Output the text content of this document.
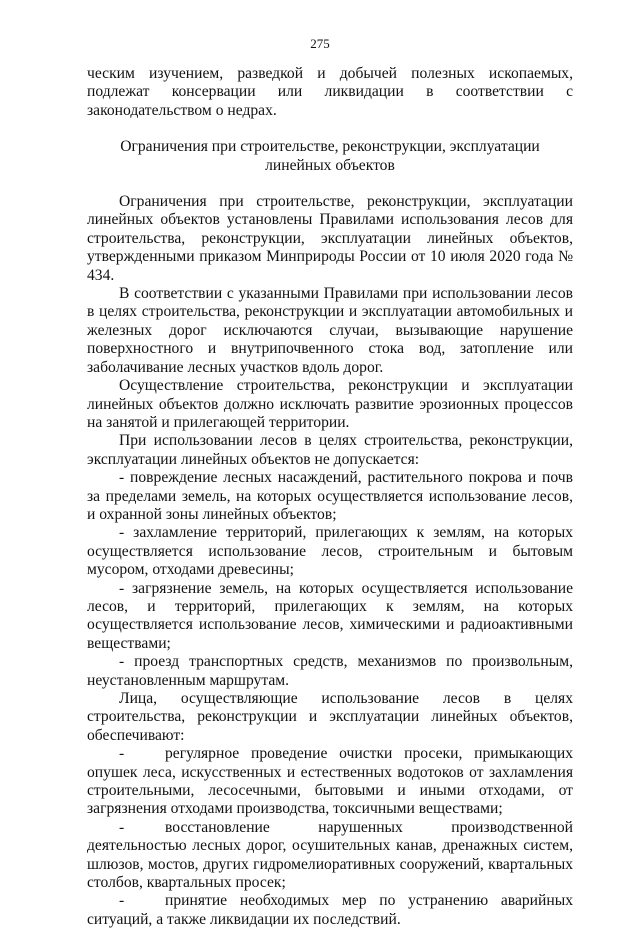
275

ческим изучением, разведкой и добычей полезных ископаемых, подлежат консервации или ликвидации в соответствии с законодательством о недрах.

Ограничения при строительстве, реконструкции, эксплуатации линейных объектов

Ограничения при строительстве, реконструкции, эксплуатации линейных объектов установлены Правилами использования лесов для строительства, реконструкции, эксплуатации линейных объектов, утвержденными приказом Минприроды России от 10 июля 2020 года № 434.

В соответствии с указанными Правилами при использовании лесов в целях строительства, реконструкции и эксплуатации автомобильных и железных дорог исключаются случаи, вызывающие нарушение поверхностного и внутрипочвенного стока вод, затопление или заболачивание лесных участков вдоль дорог.

Осуществление строительства, реконструкции и эксплуатации линейных объектов должно исключать развитие эрозионных процессов на занятой и прилегающей территории.

При использовании лесов в целях строительства, реконструкции, эксплуатации линейных объектов не допускается:

- повреждение лесных насаждений, растительного покрова и почв за пределами земель, на которых осуществляется использование лесов, и охранной зоны линейных объектов;

- захламление территорий, прилегающих к землям, на которых осуществляется использование лесов, строительным и бытовым мусором, отходами древесины;

- загрязнение земель, на которых осуществляется использование лесов, и территорий, прилегающих к землям, на которых осуществляется использование лесов, химическими и радиоактивными веществами;

- проезд транспортных средств, механизмов по произвольным, неустановленным маршрутам.

Лица, осуществляющие использование лесов в целях строительства, реконструкции и эксплуатации линейных объектов, обеспечивают:

-	регулярное проведение очистки просеки, примыкающих опушек леса, искусственных и естественных водотоков от захламления строительными, лесосечными, бытовыми и иными отходами, от загрязнения отходами производства, токсичными веществами;

-	восстановление нарушенных производственной деятельностью лесных дорог, осушительных канав, дренажных систем, шлюзов, мостов, других гидромелиоративных сооружений, квартальных столбов, квартальных просек;

-	принятие необходимых мер по устранению аварийных ситуаций, а также ликвидации их последствий.
